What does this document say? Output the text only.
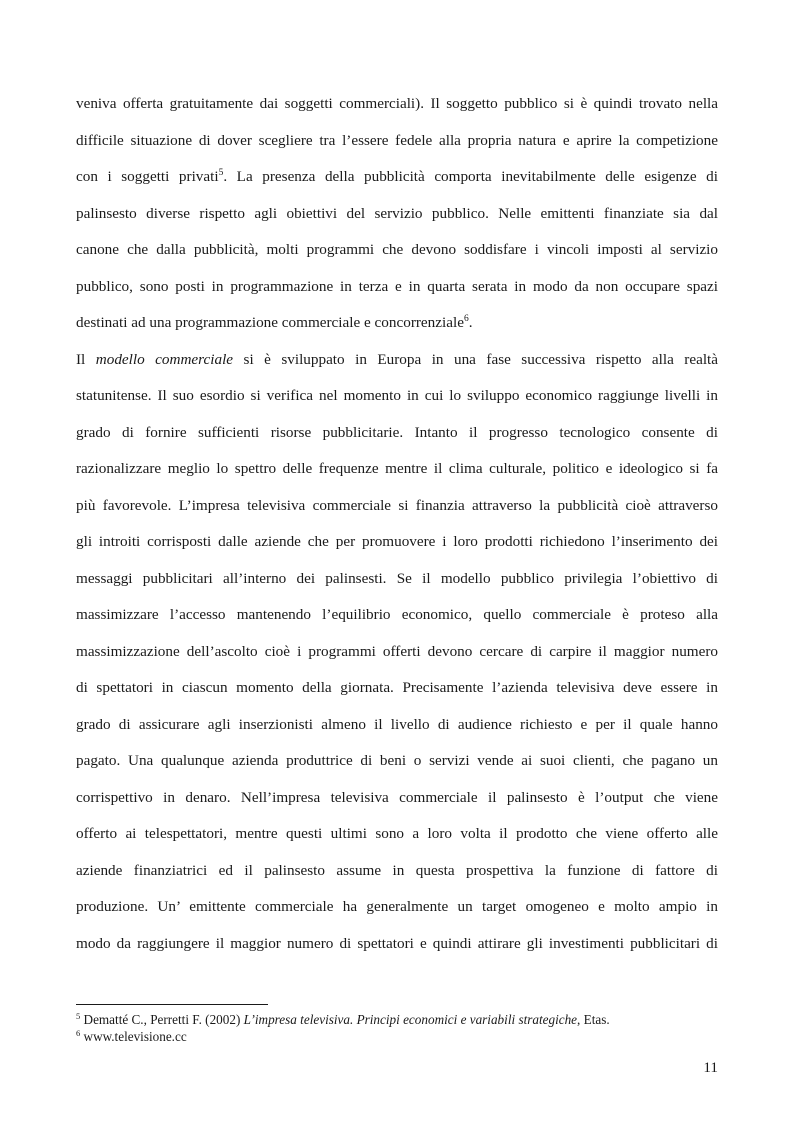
veniva offerta gratuitamente dai soggetti commerciali). Il soggetto pubblico si è quindi trovato nella
difficile situazione di dover scegliere tra l’essere fedele alla propria natura e aprire la competizione
con i soggetti privati$^5$. La presenza della pubblicità comporta inevitabilmente delle esigenze di
palinsesto diverse rispetto agli obiettivi del servizio pubblico. Nelle emittenti finanziate sia dal
canone che dalla pubblicità, molti programmi che devono soddisfare i vincoli imposti al servizio
pubblico, sono posti in programmazione in terza e in quarta serata in modo da non occupare spazi
destinati ad una programmazione commerciale e concorrenziale$^6$.
Il modello commerciale si è sviluppato in Europa in una fase successiva rispetto alla realtà
statunitense. Il suo esordio si verifica nel momento in cui lo sviluppo economico raggiunge livelli in
grado di fornire sufficienti risorse pubblicitarie. Intanto il progresso tecnologico consente di
razionalizzare meglio lo spettro delle frequenze mentre il clima culturale, politico e ideologico si fa
più favorevole. L’impresa televisiva commerciale si finanzia attraverso la pubblicità cioè attraverso
gli introiti corrisposti dalle aziende che per promuovere i loro prodotti richiedono l’inserimento dei
messaggi pubblicitari all’interno dei palinsesti. Se il modello pubblico privilegia l’obiettivo di
massimizzare l’accesso mantenendo l’equilibrio economico, quello commerciale è proteso alla
massimizzazione dell’ascolto cioè i programmi offerti devono cercare di carpire il maggior numero
di spettatori in ciascun momento della giornata. Precisamente l’azienda televisiva deve essere in
grado di assicurare agli inserzionisti almeno il livello di audience richiesto e per il quale hanno
pagato. Una qualunque azienda produttrice di beni o servizi vende ai suoi clienti, che pagano un
corrispettivo in denaro. Nell’impresa televisiva commerciale il palinsesto è l’output che viene
offerto ai telespettatori, mentre questi ultimi sono a loro volta il prodotto che viene offerto alle
aziende finanziatrici ed il palinsesto assume in questa prospettiva la funzione di fattore di
produzione. Un’ emittente commerciale ha generalmente un target omogeneo e molto ampio in
modo da raggiungere il maggior numero di spettatori e quindi attirare gli investimenti pubblicitari di
$^5$ Dematté C., Perretti F. (2002) L’impresa televisiva. Principi economici e variabili strategiche, Etas.
$^6$ www.televisione.cc
11
